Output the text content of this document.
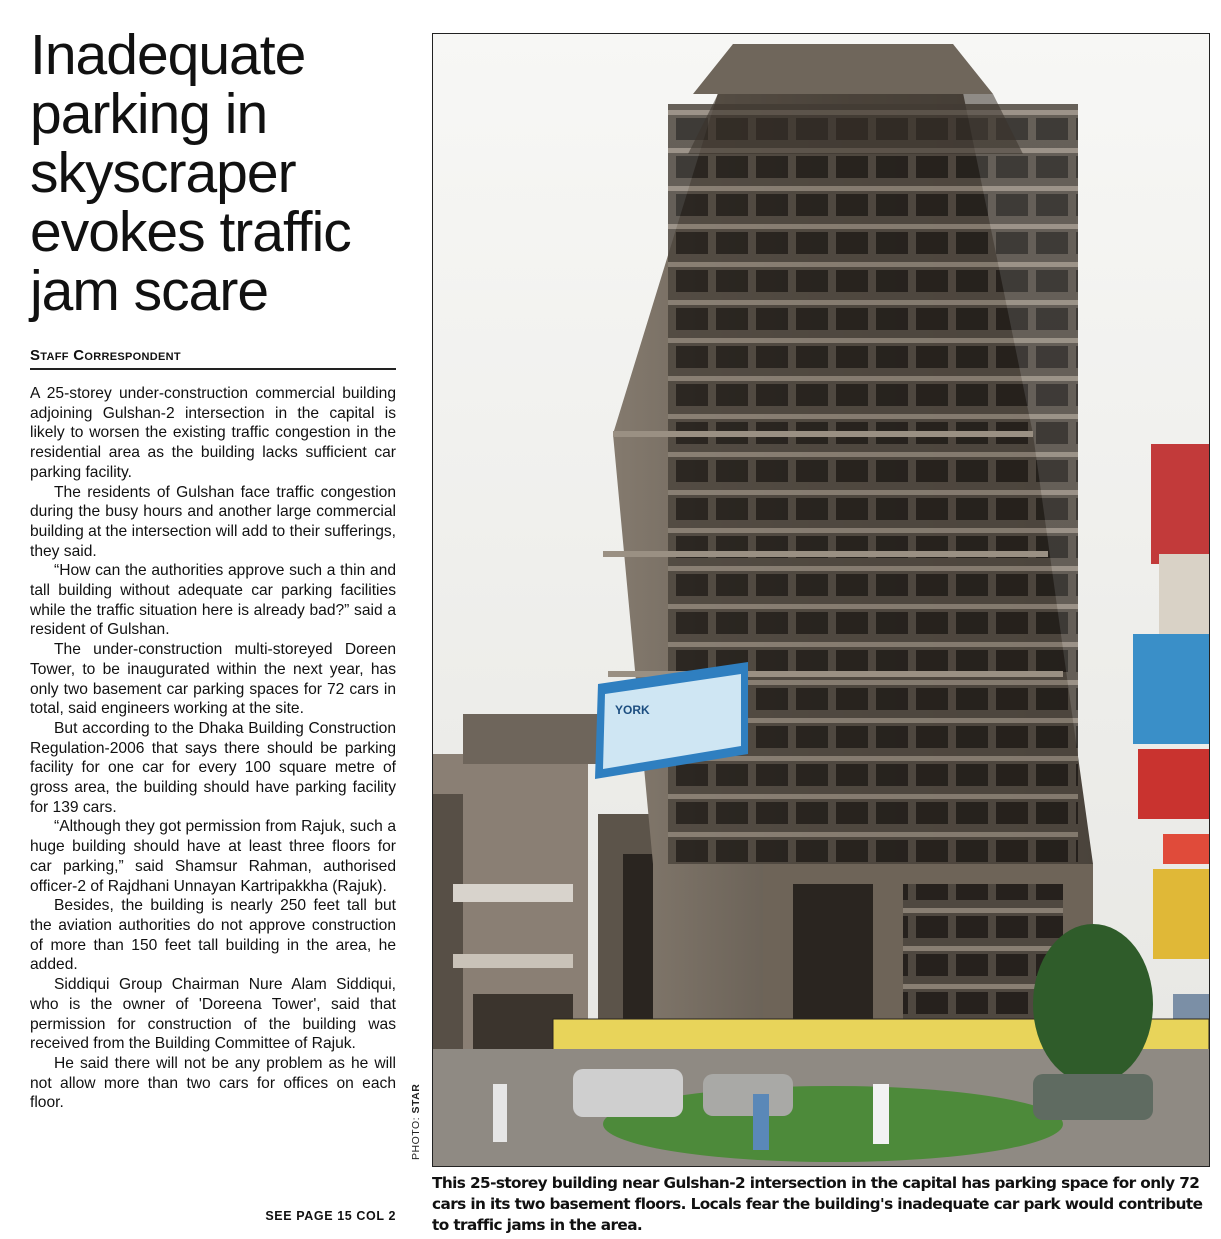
Inadequate parking in skyscraper evokes traffic jam scare
Staff Correspondent

A 25-storey under-construction commercial building adjoining Gulshan-2 intersection in the capital is likely to worsen the existing traffic congestion in the residential area as the building lacks sufficient car parking facility.

The residents of Gulshan face traffic congestion during the busy hours and another large commercial building at the intersection will add to their sufferings, they said.

“How can the authorities approve such a thin and tall building without adequate car parking facilities while the traffic situation here is already bad?” said a resident of Gulshan.

The under-construction multi-storeyed Doreen Tower, to be inaugurated within the next year, has only two basement car parking spaces for 72 cars in total, said engineers working at the site.

But according to the Dhaka Building Construction Regulation-2006 that says there should be parking facility for one car for every 100 square metre of gross area, the building should have parking facility for 139 cars.

“Although they got permission from Rajuk, such a huge building should have at least three floors for car parking,” said Shamsur Rahman, authorised officer-2 of Rajdhani Unnayan Kartripakkha (Rajuk).

Besides, the building is nearly 250 feet tall but the aviation authorities do not approve construction of more than 150 feet tall building in the area, he added.

Siddiqui Group Chairman Nure Alam Siddiqui, who is the owner of 'Doreena Tower', said that permission for construction of the building was received from the Building Committee of Rajuk.

He said there will not be any problem as he will not allow more than two cars for offices on each floor.

SEE PAGE 15 COL 2
YORK
PHOTO: STAR
This 25-storey building near Gulshan-2 intersection in the capital has parking space for only 72 cars in its two basement floors. Locals fear the building's inadequate car park would contribute to traffic jams in the area.
